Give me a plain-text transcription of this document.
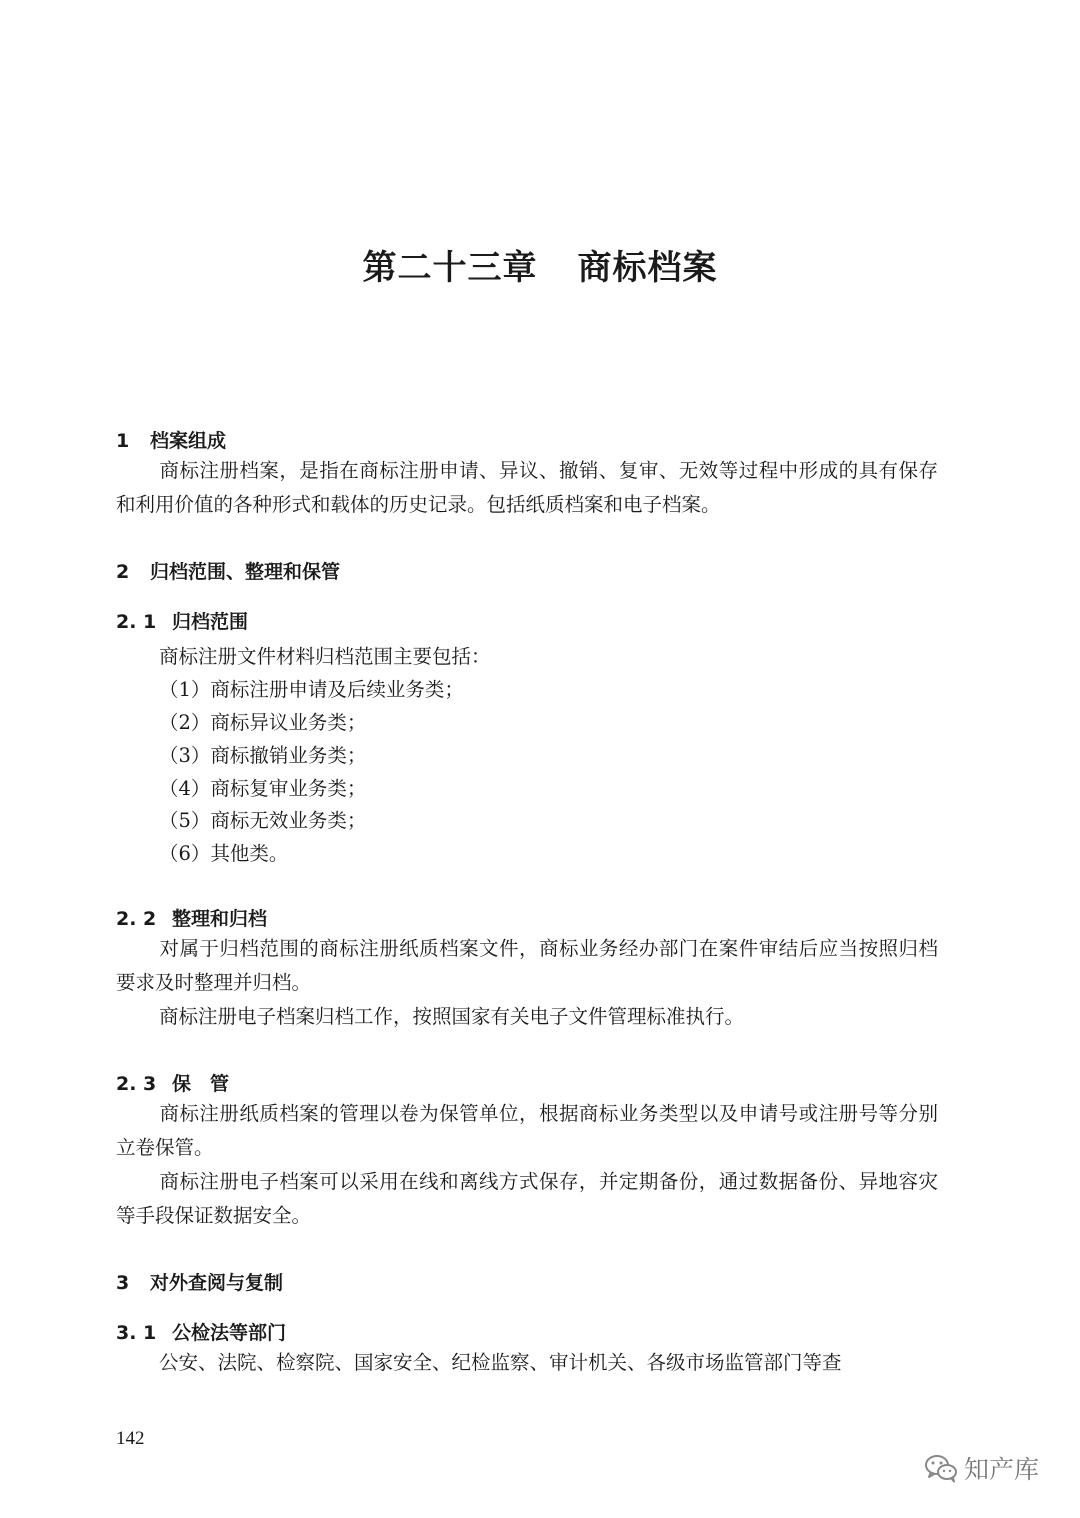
第二十三章 商标档案
1 档案组成

商标注册档案，是指在商标注册申请、异议、撤销、复审、无效等过程中形成的具有保存和利用价值的各种形式和载体的历史记录。包括纸质档案和电子档案。

2 归档范围、整理和保管
2. 1 归档范围
商标注册文件材料归档范围主要包括：
（1）商标注册申请及后续业务类；
（2）商标异议业务类；
（3）商标撤销业务类；
（4）商标复审业务类；
（5）商标无效业务类；
（6）其他类。
2. 2 整理和归档

对属于归档范围的商标注册纸质档案文件，商标业务经办部门在案件审结后应当按照归档要求及时整理并归档。

商标注册电子档案归档工作，按照国家有关电子文件管理标准执行。

2. 3 保　管

商标注册纸质档案的管理以卷为保管单位，根据商标业务类型以及申请号或注册号等分别立卷保管。

商标注册电子档案可以采用在线和离线方式保存，并定期备份，通过数据备份、异地容灾等手段保证数据安全。

3 对外查阅与复制
3. 1 公检法等部门

公安、法院、检察院、国家安全、纪检监察、审计机关、各级市场监管部门等查

142
知产库
